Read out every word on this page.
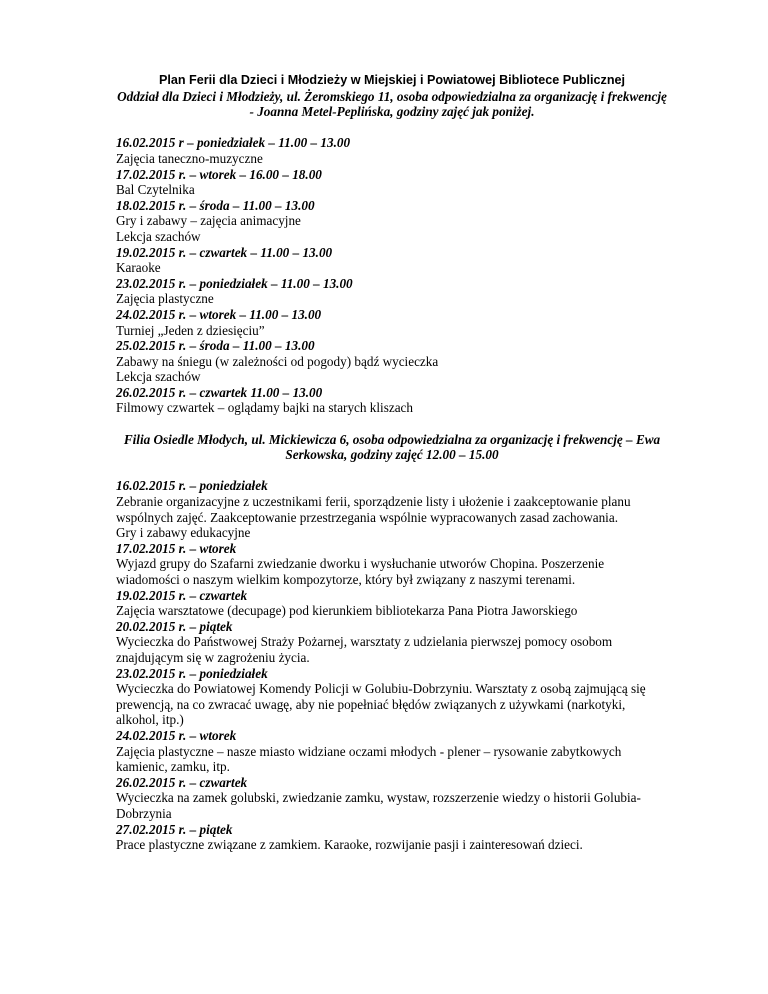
Plan Ferii dla Dzieci i Młodzieży w Miejskiej i Powiatowej Bibliotece Publicznej

Oddział dla Dzieci i Młodzieży, ul. Żeromskiego 11, osoba odpowiedzialna za organizację i frekwencję - Joanna Metel-Peplińska, godziny zajęć jak poniżej.

16.02.2015 r – poniedziałek – 11.00 – 13.00

Zajęcia taneczno-muzyczne

17.02.2015 r. – wtorek – 16.00 – 18.00

Bal Czytelnika

18.02.2015 r. – środa – 11.00 – 13.00

Gry i zabawy – zajęcia animacyjne

Lekcja szachów

19.02.2015 r. – czwartek – 11.00 – 13.00

Karaoke

23.02.2015 r. – poniedziałek – 11.00 – 13.00

Zajęcia plastyczne

24.02.2015 r. – wtorek – 11.00 – 13.00

Turniej „Jeden z dziesięciu”

25.02.2015 r. – środa – 11.00 – 13.00

Zabawy na śniegu (w zależności od pogody) bądź wycieczka

Lekcja szachów

26.02.2015 r. – czwartek 11.00 – 13.00

Filmowy czwartek – oglądamy bajki na starych kliszach

Filia Osiedle Młodych, ul. Mickiewicza 6, osoba odpowiedzialna za organizację i frekwencję – Ewa Serkowska, godziny zajęć 12.00 – 15.00

16.02.2015 r. – poniedziałek

Zebranie organizacyjne z uczestnikami ferii, sporządzenie listy i ułożenie i zaakceptowanie planu wspólnych zajęć. Zaakceptowanie przestrzegania wspólnie wypracowanych zasad zachowania.

Gry i zabawy edukacyjne

17.02.2015 r. – wtorek

Wyjazd grupy do Szafarni zwiedzanie dworku i wysłuchanie utworów Chopina. Poszerzenie wiadomości o naszym wielkim kompozytorze, który był związany z naszymi terenami.

19.02.2015 r. – czwartek

Zajęcia warsztatowe (decupage) pod kierunkiem bibliotekarza Pana Piotra Jaworskiego

20.02.2015 r. – piątek

Wycieczka do Państwowej Straży Pożarnej, warsztaty z udzielania pierwszej pomocy osobom znajdującym się w zagrożeniu życia.

23.02.2015 r. – poniedziałek

Wycieczka do Powiatowej Komendy Policji w Golubiu-Dobrzyniu. Warsztaty z osobą zajmującą się prewencją, na co zwracać uwagę, aby nie popełniać błędów związanych z używkami (narkotyki, alkohol, itp.)

24.02.2015 r. – wtorek

Zajęcia plastyczne – nasze miasto widziane oczami młodych - plener – rysowanie zabytkowych kamienic, zamku, itp.

26.02.2015 r. – czwartek

Wycieczka na zamek golubski, zwiedzanie zamku, wystaw, rozszerzenie wiedzy o historii Golubia-Dobrzynia

27.02.2015 r. – piątek

Prace plastyczne związane z zamkiem. Karaoke, rozwijanie pasji i zainteresowań dzieci.
